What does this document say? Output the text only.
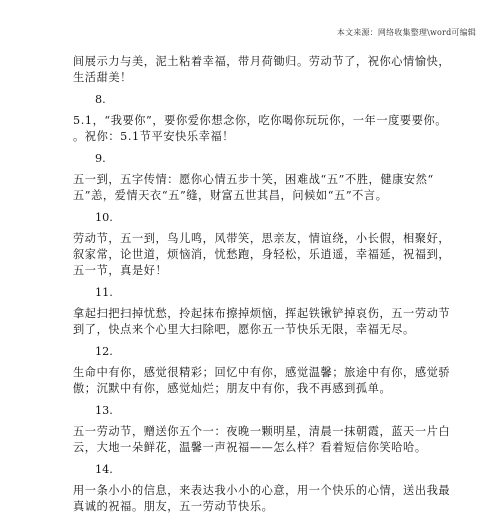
本文来源：网络收集整理\word可编辑
间展示力与美，泥土粘着幸福，带月荷锄归。劳动节了，祝你心情愉快，
生活甜美！
8.
5.1，“我要你”，要你爱你想念你，吃你喝你玩玩你，一年一度要要你。
。祝你：5.1节平安快乐幸福！
9.
五一到，五字传情：愿你心情五步十笑，困难战“五”不胜，健康安然“
五”恙，爱情天衣“五”缝，财富五世其昌，问候如“五”不言。
10.
劳动节，五一到，鸟儿鸣，风带笑，思亲友，情谊绕，小长假，相聚好，
叙家常，论世道，烦恼消，忧愁跑，身轻松，乐逍遥，幸福延，祝福到，
五一节，真是好！
11.
拿起扫把扫掉忧愁，拎起抹布擦掉烦恼，挥起铁锹铲掉哀伤，五一劳动节
到了，快点来个心里大扫除吧，愿你五一节快乐无限，幸福无尽。
12.
生命中有你，感觉很精彩；回忆中有你，感觉温馨；旅途中有你，感觉骄
傲；沉默中有你，感觉灿烂；朋友中有你，我不再感到孤单。
13.
五一劳动节，赠送你五个一：夜晚一颗明星，清晨一抹朝霞，蓝天一片白
云，大地一朵鲜花，温馨一声祝福——怎么样？看着短信你笑哈哈。
14.
用一条小小的信息，来表达我小小的心意，用一个快乐的心情，送出我最
真诚的祝福。朋友，五一劳动节快乐。
